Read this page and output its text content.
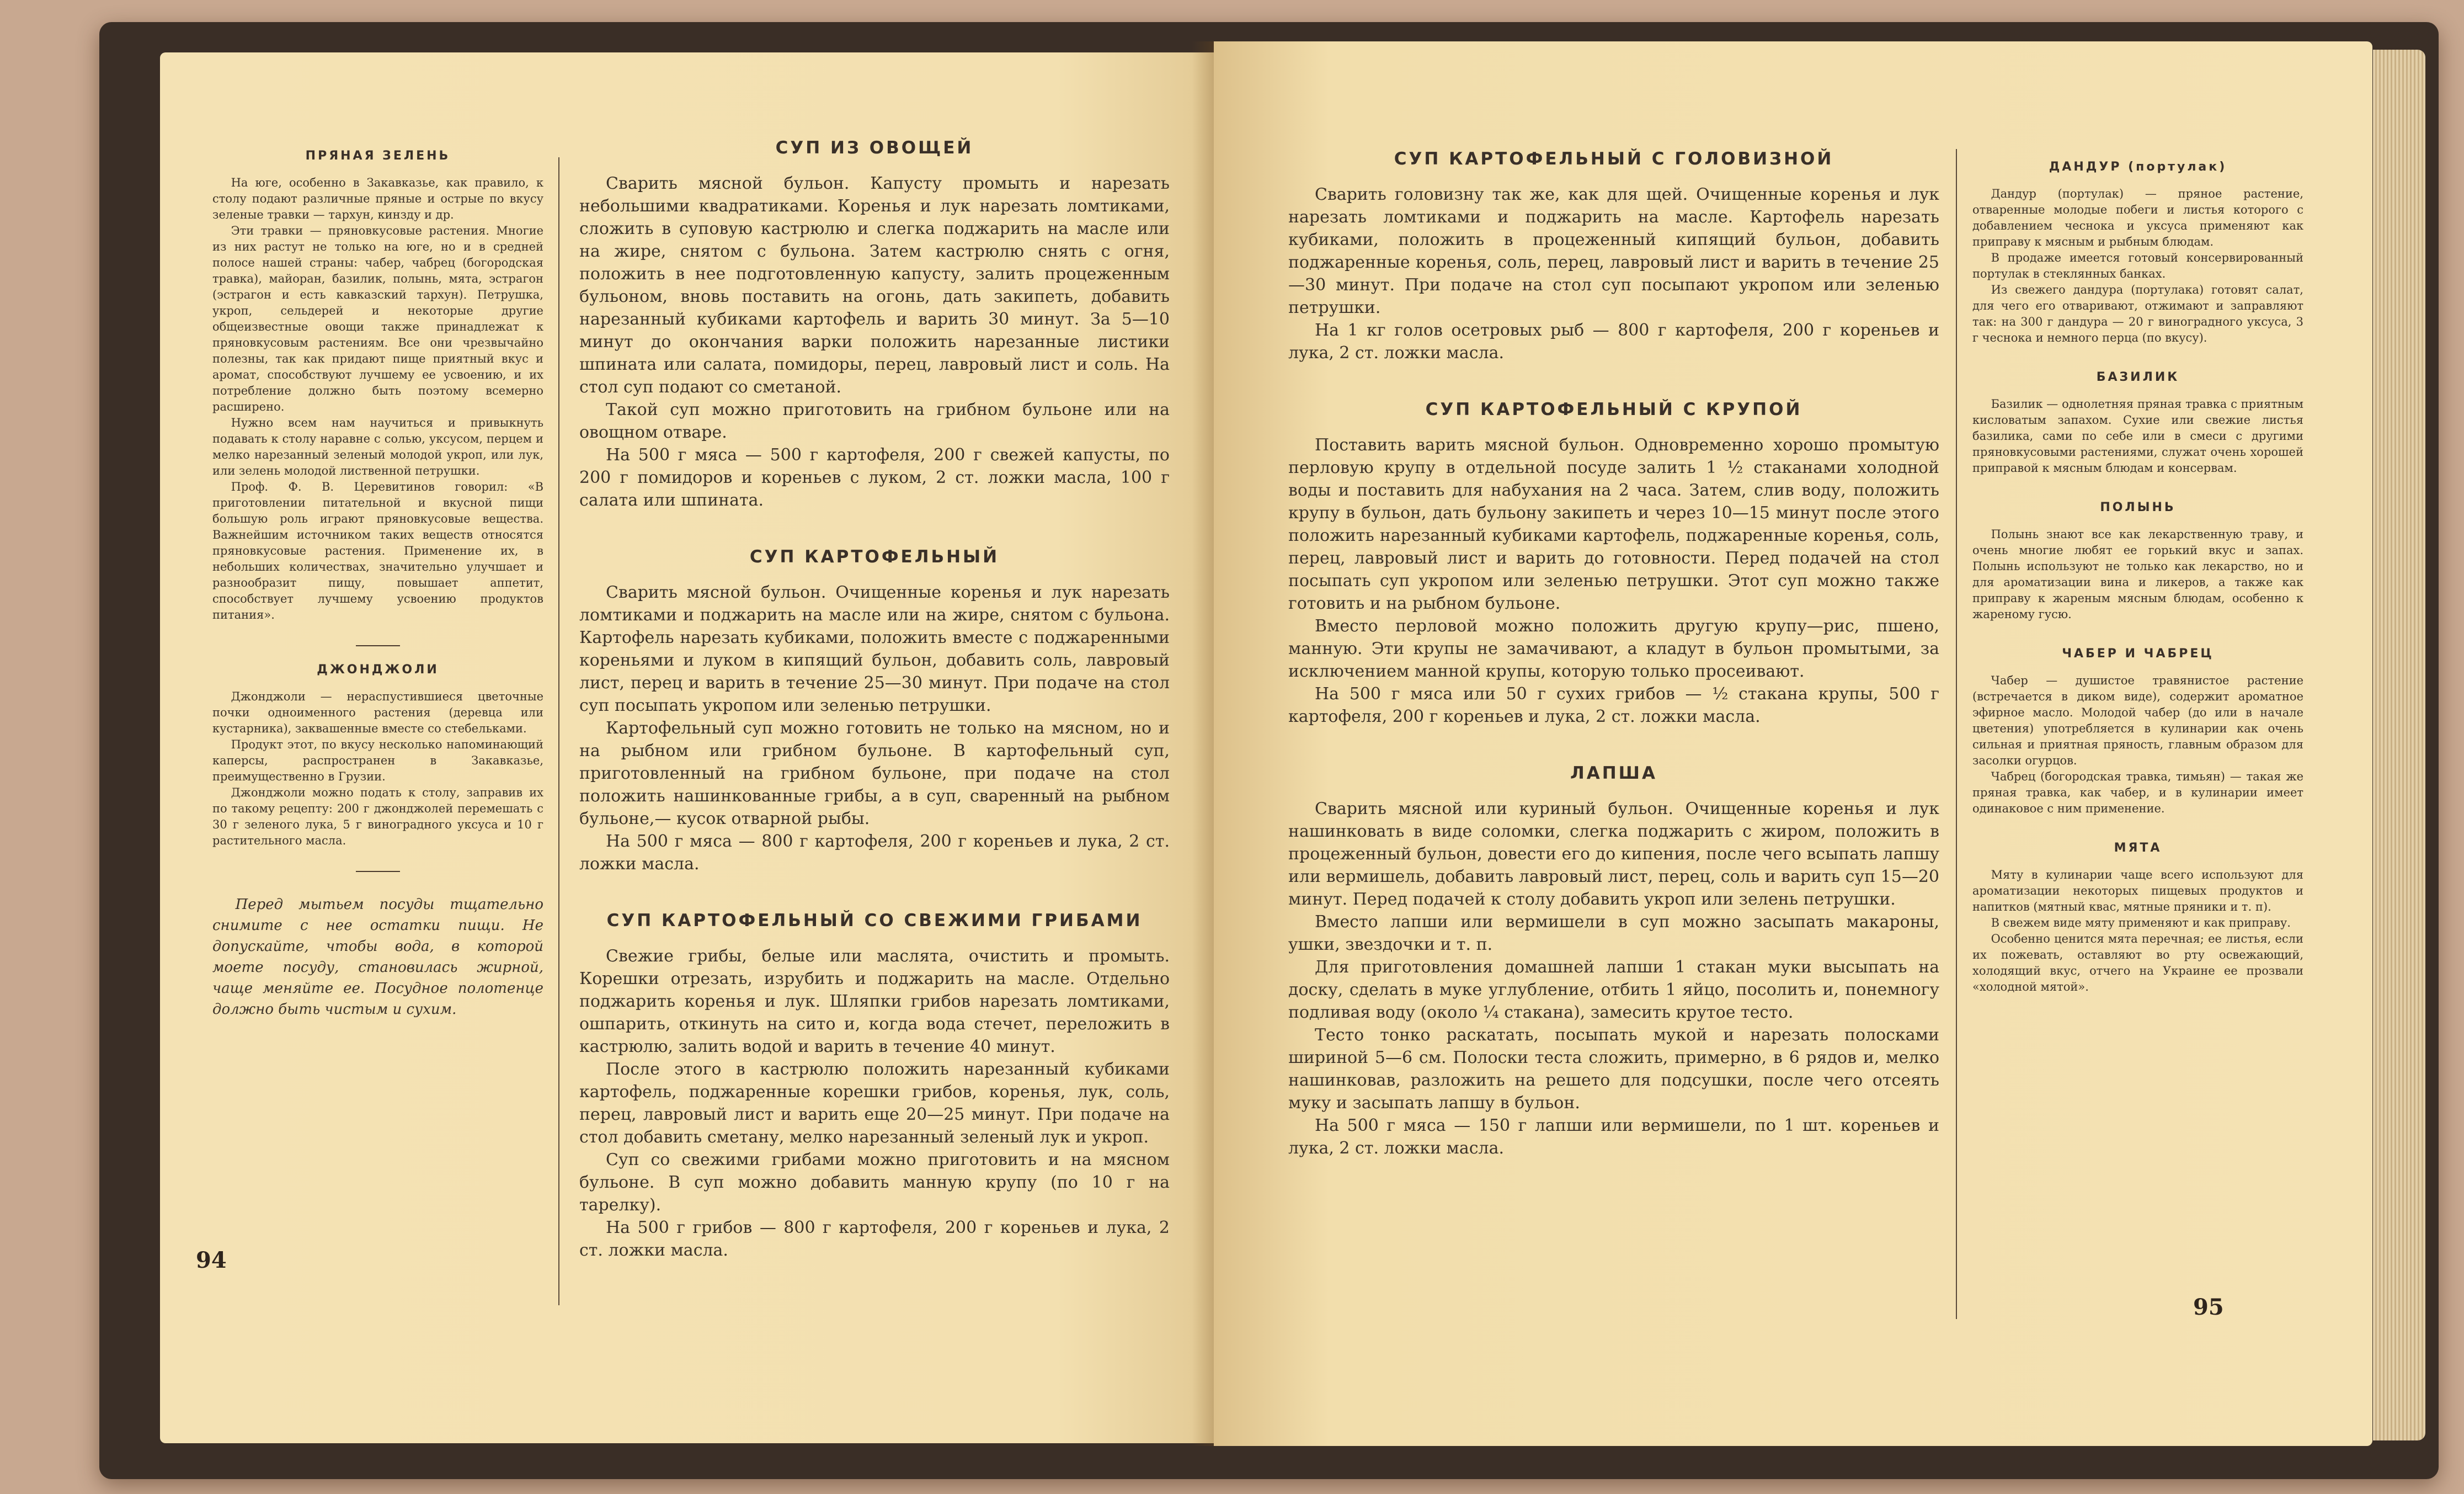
ПРЯНАЯ ЗЕЛЕНЬ

На юге, особенно в Закавказье, как правило, к столу подают различные пряные и острые по вкусу зеленые травки — тархун, кинзду и др.

Эти травки — пряновкусовые растения. Многие из них растут не только на юге, но и в средней полосе нашей страны: чабер, чабрец (богородская травка), майоран, базилик, полынь, мята, эстрагон (эстрагон и есть кавказский тархун). Петрушка, укроп, сельдерей и некоторые другие общеизвестные овощи также принадлежат к пряновкусовым растениям. Все они чрезвычайно полезны, так как придают пище приятный вкус и аромат, способствуют лучшему ее усвоению, и их потребление должно быть поэтому всемерно расширено.

Нужно всем нам научиться и привыкнуть подавать к столу наравне с солью, уксусом, перцем и мелко нарезанный зеленый молодой укроп, или лук, или зелень молодой лиственной петрушки.

Проф. Ф. В. Церевитинов говорил: «В приготовлении питательной и вкусной пищи большую роль играют пряновкусовые вещества. Важнейшим источником таких веществ относятся пряновкусовые растения. Применение их, в небольших количествах, значительно улучшает и разнообразит пищу, повышает аппетит, способствует лучшему усвоению продуктов питания».

ДЖОНДЖОЛИ

Джонджоли — нераспустившиеся цветочные почки одноименного растения (деревца или кустарника), заквашенные вместе со стебельками.

Продукт этот, по вкусу несколько напоминающий каперсы, распространен в Закавказье, преимущественно в Грузии.

Джонджоли можно подать к столу, заправив их по такому рецепту: 200 г джонджолей перемешать с 30 г зеленого лука, 5 г виноградного уксуса и 10 г растительного масла.

Перед мытьем посуды тщательно снимите с нее остатки пищи. Не допускайте, чтобы вода, в которой моете посуду, становилась жирной, чаще меняйте ее. Посудное полотенце должно быть чистым и сухим.

СУП ИЗ ОВОЩЕЙ

Сварить мясной бульон. Капусту промыть и нарезать небольшими квадратиками. Коренья и лук нарезать ломтиками, сложить в суповую кастрюлю и слегка поджарить на масле или на жире, снятом с бульона. Затем кастрюлю снять с огня, положить в нее подготовленную капусту, залить процеженным бульоном, вновь поставить на огонь, дать закипеть, добавить нарезанный кубиками картофель и варить 30 минут. За 5—10 минут до окончания варки положить нарезанные листики шпината или салата, помидоры, перец, лавровый лист и соль. На стол суп подают со сметаной.

Такой суп можно приготовить на грибном бульоне или на овощном отваре.

На 500 г мяса — 500 г картофеля, 200 г свежей капусты, по 200 г помидоров и кореньев с луком, 2 ст. ложки масла, 100 г салата или шпината.

СУП КАРТОФЕЛЬНЫЙ

Сварить мясной бульон. Очищенные коренья и лук нарезать ломтиками и поджарить на масле или на жире, снятом с бульона. Картофель нарезать кубиками, положить вместе с поджаренными кореньями и луком в кипящий бульон, добавить соль, лавровый лист, перец и варить в течение 25—30 минут. При подаче на стол суп посыпать укропом или зеленью петрушки.

Картофельный суп можно готовить не только на мясном, но и на рыбном или грибном бульоне. В картофельный суп, приготовленный на грибном бульоне, при подаче на стол положить нашинкованные грибы, а в суп, сваренный на рыбном бульоне,— кусок отварной рыбы.

На 500 г мяса — 800 г картофеля, 200 г кореньев и лука, 2 ст. ложки масла.

СУП КАРТОФЕЛЬНЫЙ СО СВЕЖИМИ ГРИБАМИ

Свежие грибы, белые или маслята, очистить и промыть. Корешки отрезать, изрубить и поджарить на масле. Отдельно поджарить коренья и лук. Шляпки грибов нарезать ломтиками, ошпарить, откинуть на сито и, когда вода стечет, переложить в кастрюлю, залить водой и варить в течение 40 минут.

После этого в кастрюлю положить нарезанный кубиками картофель, поджаренные корешки грибов, коренья, лук, соль, перец, лавровый лист и варить еще 20—25 минут. При подаче на стол добавить сметану, мелко нарезанный зеленый лук и укроп.

Суп со свежими грибами можно приготовить и на мясном бульоне. В суп можно добавить манную крупу (по 10 г на тарелку).

На 500 г грибов — 800 г картофеля, 200 г кореньев и лука, 2 ст. ложки масла.

94
СУП КАРТОФЕЛЬНЫЙ С ГОЛОВИЗНОЙ

Сварить головизну так же, как для щей. Очищенные коренья и лук нарезать ломтиками и поджарить на масле. Картофель нарезать кубиками, положить в процеженный кипящий бульон, добавить поджаренные коренья, соль, перец, лавровый лист и варить в течение 25—30 минут. При подаче на стол суп посыпают укропом или зеленью петрушки.

На 1 кг голов осетровых рыб — 800 г картофеля, 200 г кореньев и лука, 2 ст. ложки масла.

СУП КАРТОФЕЛЬНЫЙ С КРУПОЙ

Поставить варить мясной бульон. Одновременно хорошо промытую перловую крупу в отдельной посуде залить 1 ½ стаканами холодной воды и поставить для набухания на 2 часа. Затем, слив воду, положить крупу в бульон, дать бульону закипеть и через 10—15 минут после этого положить нарезанный кубиками картофель, поджаренные коренья, соль, перец, лавровый лист и варить до готовности. Перед подачей на стол посыпать суп укропом или зеленью петрушки. Этот суп можно также готовить и на рыбном бульоне.

Вместо перловой можно положить другую крупу—рис, пшено, манную. Эти крупы не замачивают, а кладут в бульон промытыми, за исключением манной крупы, которую только просеивают.

На 500 г мяса или 50 г сухих грибов — ½ стакана крупы, 500 г картофеля, 200 г кореньев и лука, 2 ст. ложки масла.

ЛАПША

Сварить мясной или куриный бульон. Очищенные коренья и лук нашинковать в виде соломки, слегка поджарить с жиром, положить в процеженный бульон, довести его до кипения, после чего всыпать лапшу или вермишель, добавить лавровый лист, перец, соль и варить суп 15—20 минут. Перед подачей к столу добавить укроп или зелень петрушки.

Вместо лапши или вермишели в суп можно засыпать макароны, ушки, звездочки и т. п.

Для приготовления домашней лапши 1 стакан муки высыпать на доску, сделать в муке углубление, отбить 1 яйцо, посолить и, понемногу подливая воду (около ¼ стакана), замесить крутое тесто.

Тесто тонко раскатать, посыпать мукой и нарезать полосками шириной 5—6 см. Полоски теста сложить, примерно, в 6 рядов и, мелко нашинковав, разложить на решето для подсушки, после чего отсеять муку и засыпать лапшу в бульон.

На 500 г мяса — 150 г лапши или вермишели, по 1 шт. кореньев и лука, 2 ст. ложки масла.

ДАНДУР (портулак)

Дандур (портулак) — пряное растение, отваренные молодые побеги и листья которого с добавлением чеснока и уксуса применяют как приправу к мясным и рыбным блюдам.

В продаже имеется готовый консервированный портулак в стеклянных банках.

Из свежего дандура (портулака) готовят салат, для чего его отваривают, отжимают и заправляют так: на 300 г дандура — 20 г виноградного уксуса, 3 г чеснока и немного перца (по вкусу).

БАЗИЛИК

Базилик — однолетняя пряная травка с приятным кисловатым запахом. Сухие или свежие листья базилика, сами по себе или в смеси с другими пряновкусовыми растениями, служат очень хорошей приправой к мясным блюдам и консервам.

ПОЛЫНЬ

Полынь знают все как лекарственную траву, и очень многие любят ее горький вкус и запах. Полынь используют не только как лекарство, но и для ароматизации вина и ликеров, а также как приправу к жареным мясным блюдам, особенно к жареному гусю.

ЧАБЕР И ЧАБРЕЦ

Чабер — душистое травянистое растение (встречается в диком виде), содержит ароматное эфирное масло. Молодой чабер (до или в начале цветения) употребляется в кулинарии как очень сильная и приятная пряность, главным образом для засолки огурцов.

Чабрец (богородская травка, тимьян) — такая же пряная травка, как чабер, и в кулинарии имеет одинаковое с ним применение.

МЯТА

Мяту в кулинарии чаще всего используют для ароматизации некоторых пищевых продуктов и напитков (мятный квас, мятные пряники и т. п).

В свежем виде мяту применяют и как приправу.

Особенно ценится мята перечная; ее листья, если их пожевать, оставляют во рту освежающий, холодящий вкус, отчего на Украине ее прозвали «холодной мятой».

95
